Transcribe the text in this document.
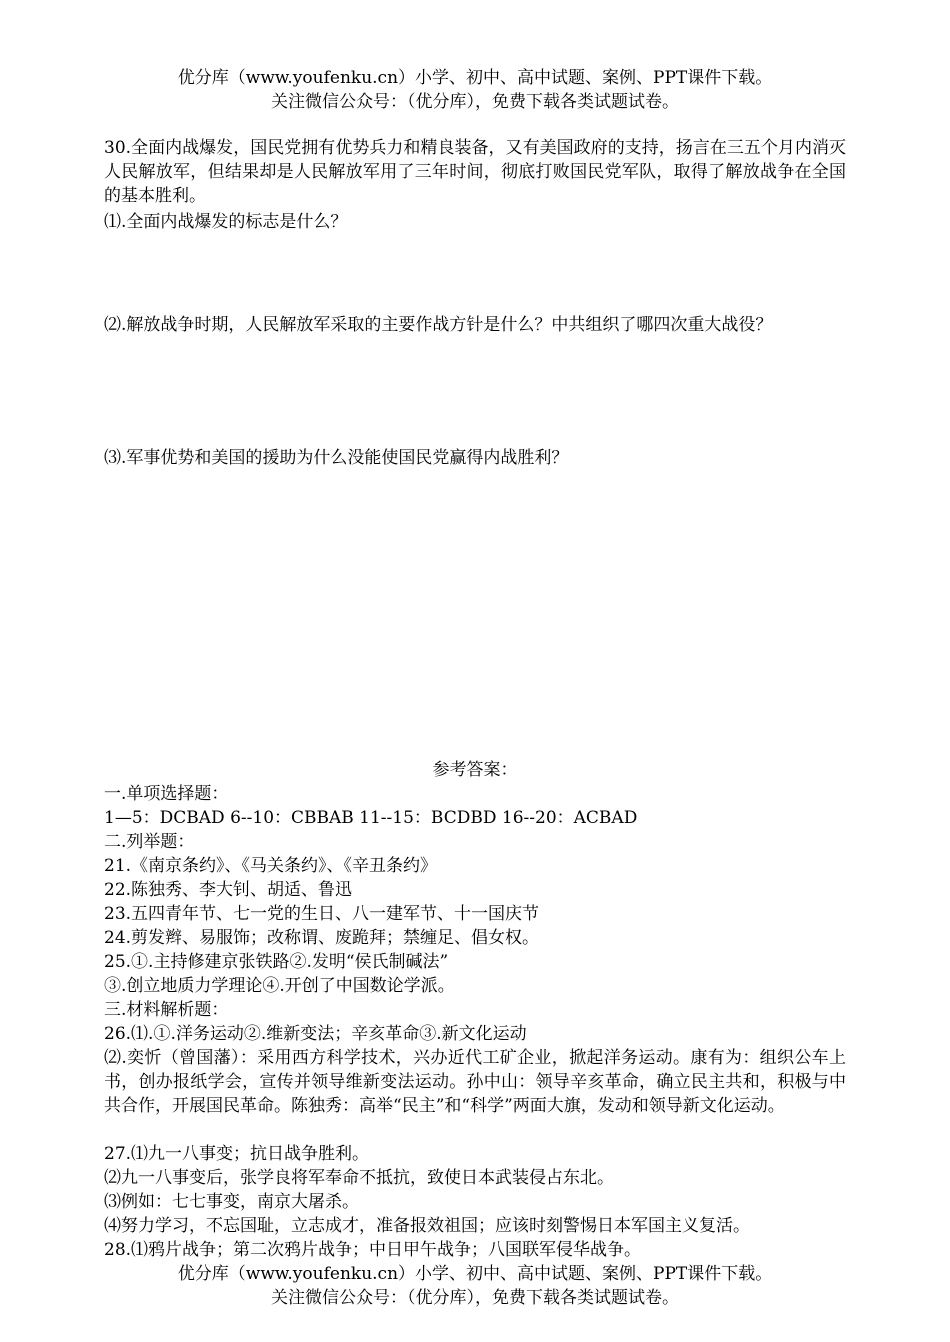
优分库（www.youfenku.cn）小学、初中、高中试题、案例、PPT课件下载。
关注微信公众号：（优分库），免费下载各类试题试卷。
30.全面内战爆发，国民党拥有优势兵力和精良装备，又有美国政府的支持，扬言在三五个月内消灭人民解放军，但结果却是人民解放军用了三年时间，彻底打败国民党军队，取得了解放战争在全国的基本胜利。
⑴.全面内战爆发的标志是什么？
⑵.解放战争时期，人民解放军采取的主要作战方针是什么？中共组织了哪四次重大战役？
⑶.军事优势和美国的援助为什么没能使国民党赢得内战胜利？
参考答案：
一.单项选择题：
1—5：DCBAD 6--10：CBBAB 11--15：BCDBD 16--20：ACBAD
二.列举题：
21.《南京条约》、《马关条约》、《辛丑条约》
22.陈独秀、李大钊、胡适、鲁迅
23.五四青年节、七一党的生日、八一建军节、十一国庆节
24.剪发辫、易服饰；改称谓、废跪拜；禁缠足、倡女权。
25.①.主持修建京张铁路②.发明“侯氏制碱法”
③.创立地质力学理论④.开创了中国数论学派。
三.材料解析题：
26.⑴.①.洋务运动②.维新变法；辛亥革命③.新文化运动
⑵.奕忻（曾国藩）：采用西方科学技术，兴办近代工矿企业，掀起洋务运动。康有为：组织公车上书，创办报纸学会，宣传并领导维新变法运动。孙中山：领导辛亥革命，确立民主共和，积极与中共合作，开展国民革命。陈独秀：高举“民主”和“科学”两面大旗，发动和领导新文化运动。
27.⑴九一八事变；抗日战争胜利。
⑵九一八事变后，张学良将军奉命不抵抗，致使日本武装侵占东北。
⑶例如：七七事变，南京大屠杀。
⑷努力学习，不忘国耻，立志成才，准备报效祖国；应该时刻警惕日本军国主义复活。
28.⑴鸦片战争；第二次鸦片战争；中日甲午战争；八国联军侵华战争。
优分库（www.youfenku.cn）小学、初中、高中试题、案例、PPT课件下载。
关注微信公众号：（优分库），免费下载各类试题试卷。
